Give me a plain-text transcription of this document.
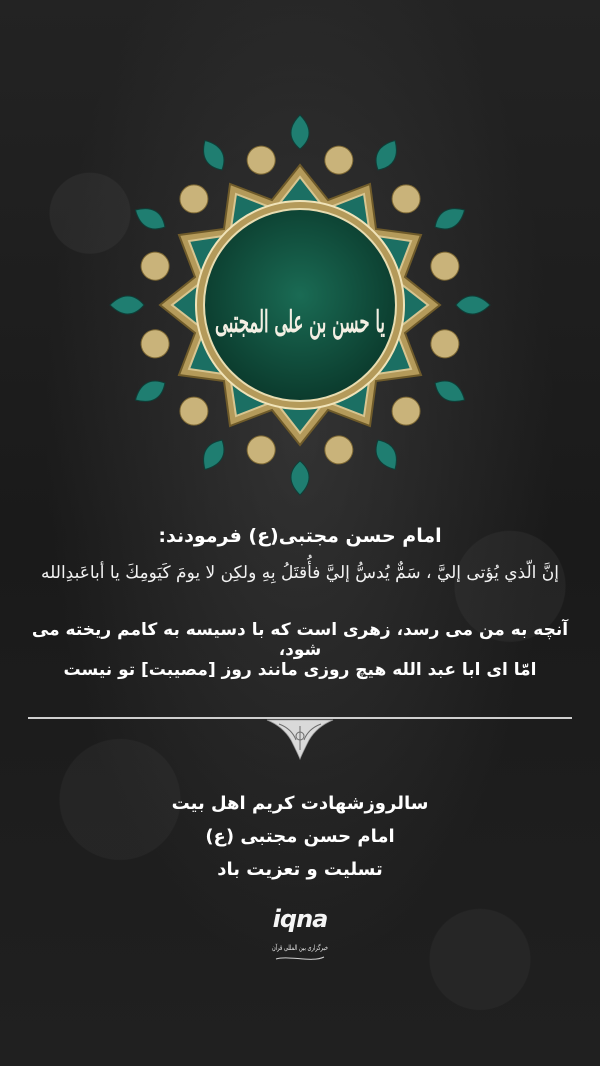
یا حسن بن علی المجتبی
امام حسن مجتبی(ع) فرمودند:
إنَّ الّذي يُؤتى إليَّ ، سَمٌّ يُدسُّ إليَّ فأُقتَلُ بِهِ ولكِن لا يومَ كَيَومِكَ يا أباعَبدِالله
آنچه به من می رسد، زهری است که با دسیسه به کامم ریخته می شود،
امّا ای ابا عبد الله هیچ روزی مانند روز [مصیبت] تو نیست
سالروزشهادت کریم اهل بیت
امام حسن مجتبی (ع)
تسلیت و تعزیت باد
iqna
خبرگزاری بین المللی قرآن
